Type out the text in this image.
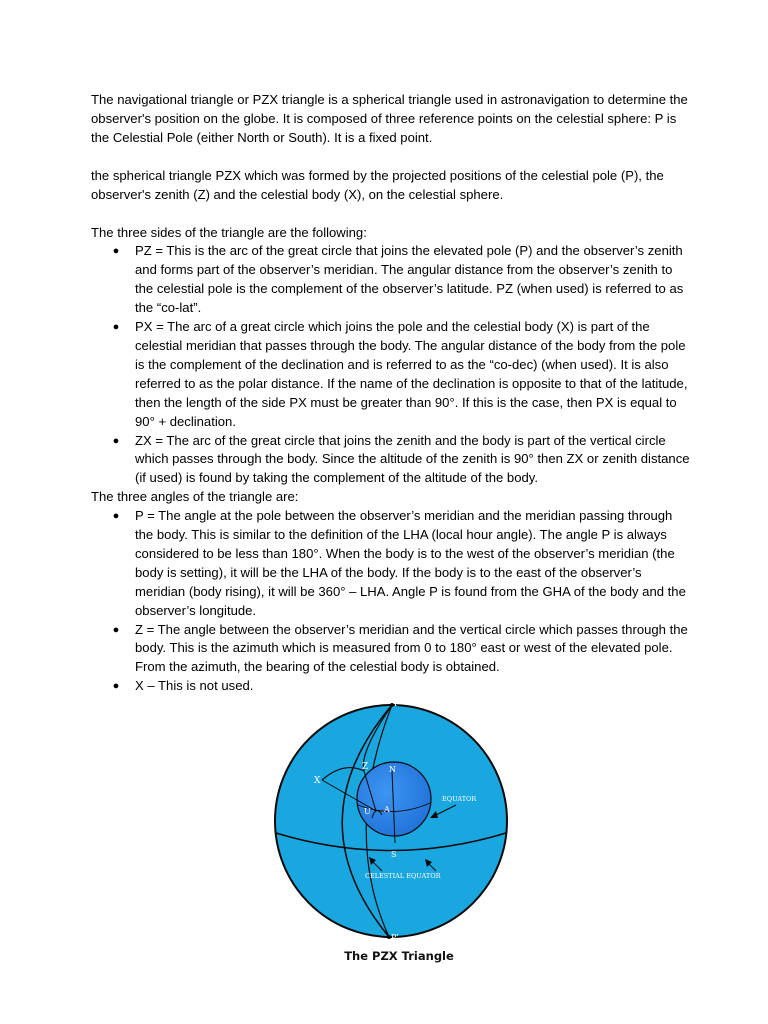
The navigational triangle or PZX triangle is a spherical triangle used in astronavigation to determine the observer's position on the globe. It is composed of three reference points on the celestial sphere: P is the Celestial Pole (either North or South). It is a fixed point.

the spherical triangle PZX which was formed by the projected positions of the celestial pole (P), the observer's zenith (Z) and the celestial body (X), on the celestial sphere.

The three sides of the triangle are the following:

● PZ = This is the arc of the great circle that joins the elevated pole (P) and the observer’s zenith and forms part of the observer’s meridian. The angular distance from the observer’s zenith to the celestial pole is the complement of the observer’s latitude. PZ (when used) is referred to as the “co-lat”.
● PX = The arc of a great circle which joins the pole and the celestial body (X) is part of the celestial meridian that passes through the body. The angular distance of the body from the pole is the complement of the declination and is referred to as the “co-dec) (when used). It is also referred to as the polar distance. If the name of the declination is opposite to that of the latitude, then the length of the side PX must be greater than 90°. If this is the case, then PX is equal to 90° + declination.
● ZX = The arc of the great circle that joins the zenith and the body is part of the vertical circle which passes through the body. Since the altitude of the zenith is 90° then ZX or zenith distance (if used) is found by taking the complement of the altitude of the body.

The three angles of the triangle are:

● P = The angle at the pole between the observer’s meridian and the meridian passing through the body. This is similar to the definition of the LHA (local hour angle). The angle P is always considered to be less than 180°. When the body is to the west of the observer’s meridian (the body is setting), it will be the LHA of the body. If the body is to the east of the observer’s meridian (body rising), it will be 360° – LHA. Angle P is found from the GHA of the body and the observer’s longitude.
● Z = The angle between the observer’s meridian and the vertical circle which passes through the body. This is the azimuth which is measured from 0 to 180° east or west of the elevated pole. From the azimuth, the bearing of the celestial body is obtained.
● X – This is not used.
P
P'
Z
X
N
S
U A
EQUATOR
CELESTIAL EQUATOR
The PZX Triangle
